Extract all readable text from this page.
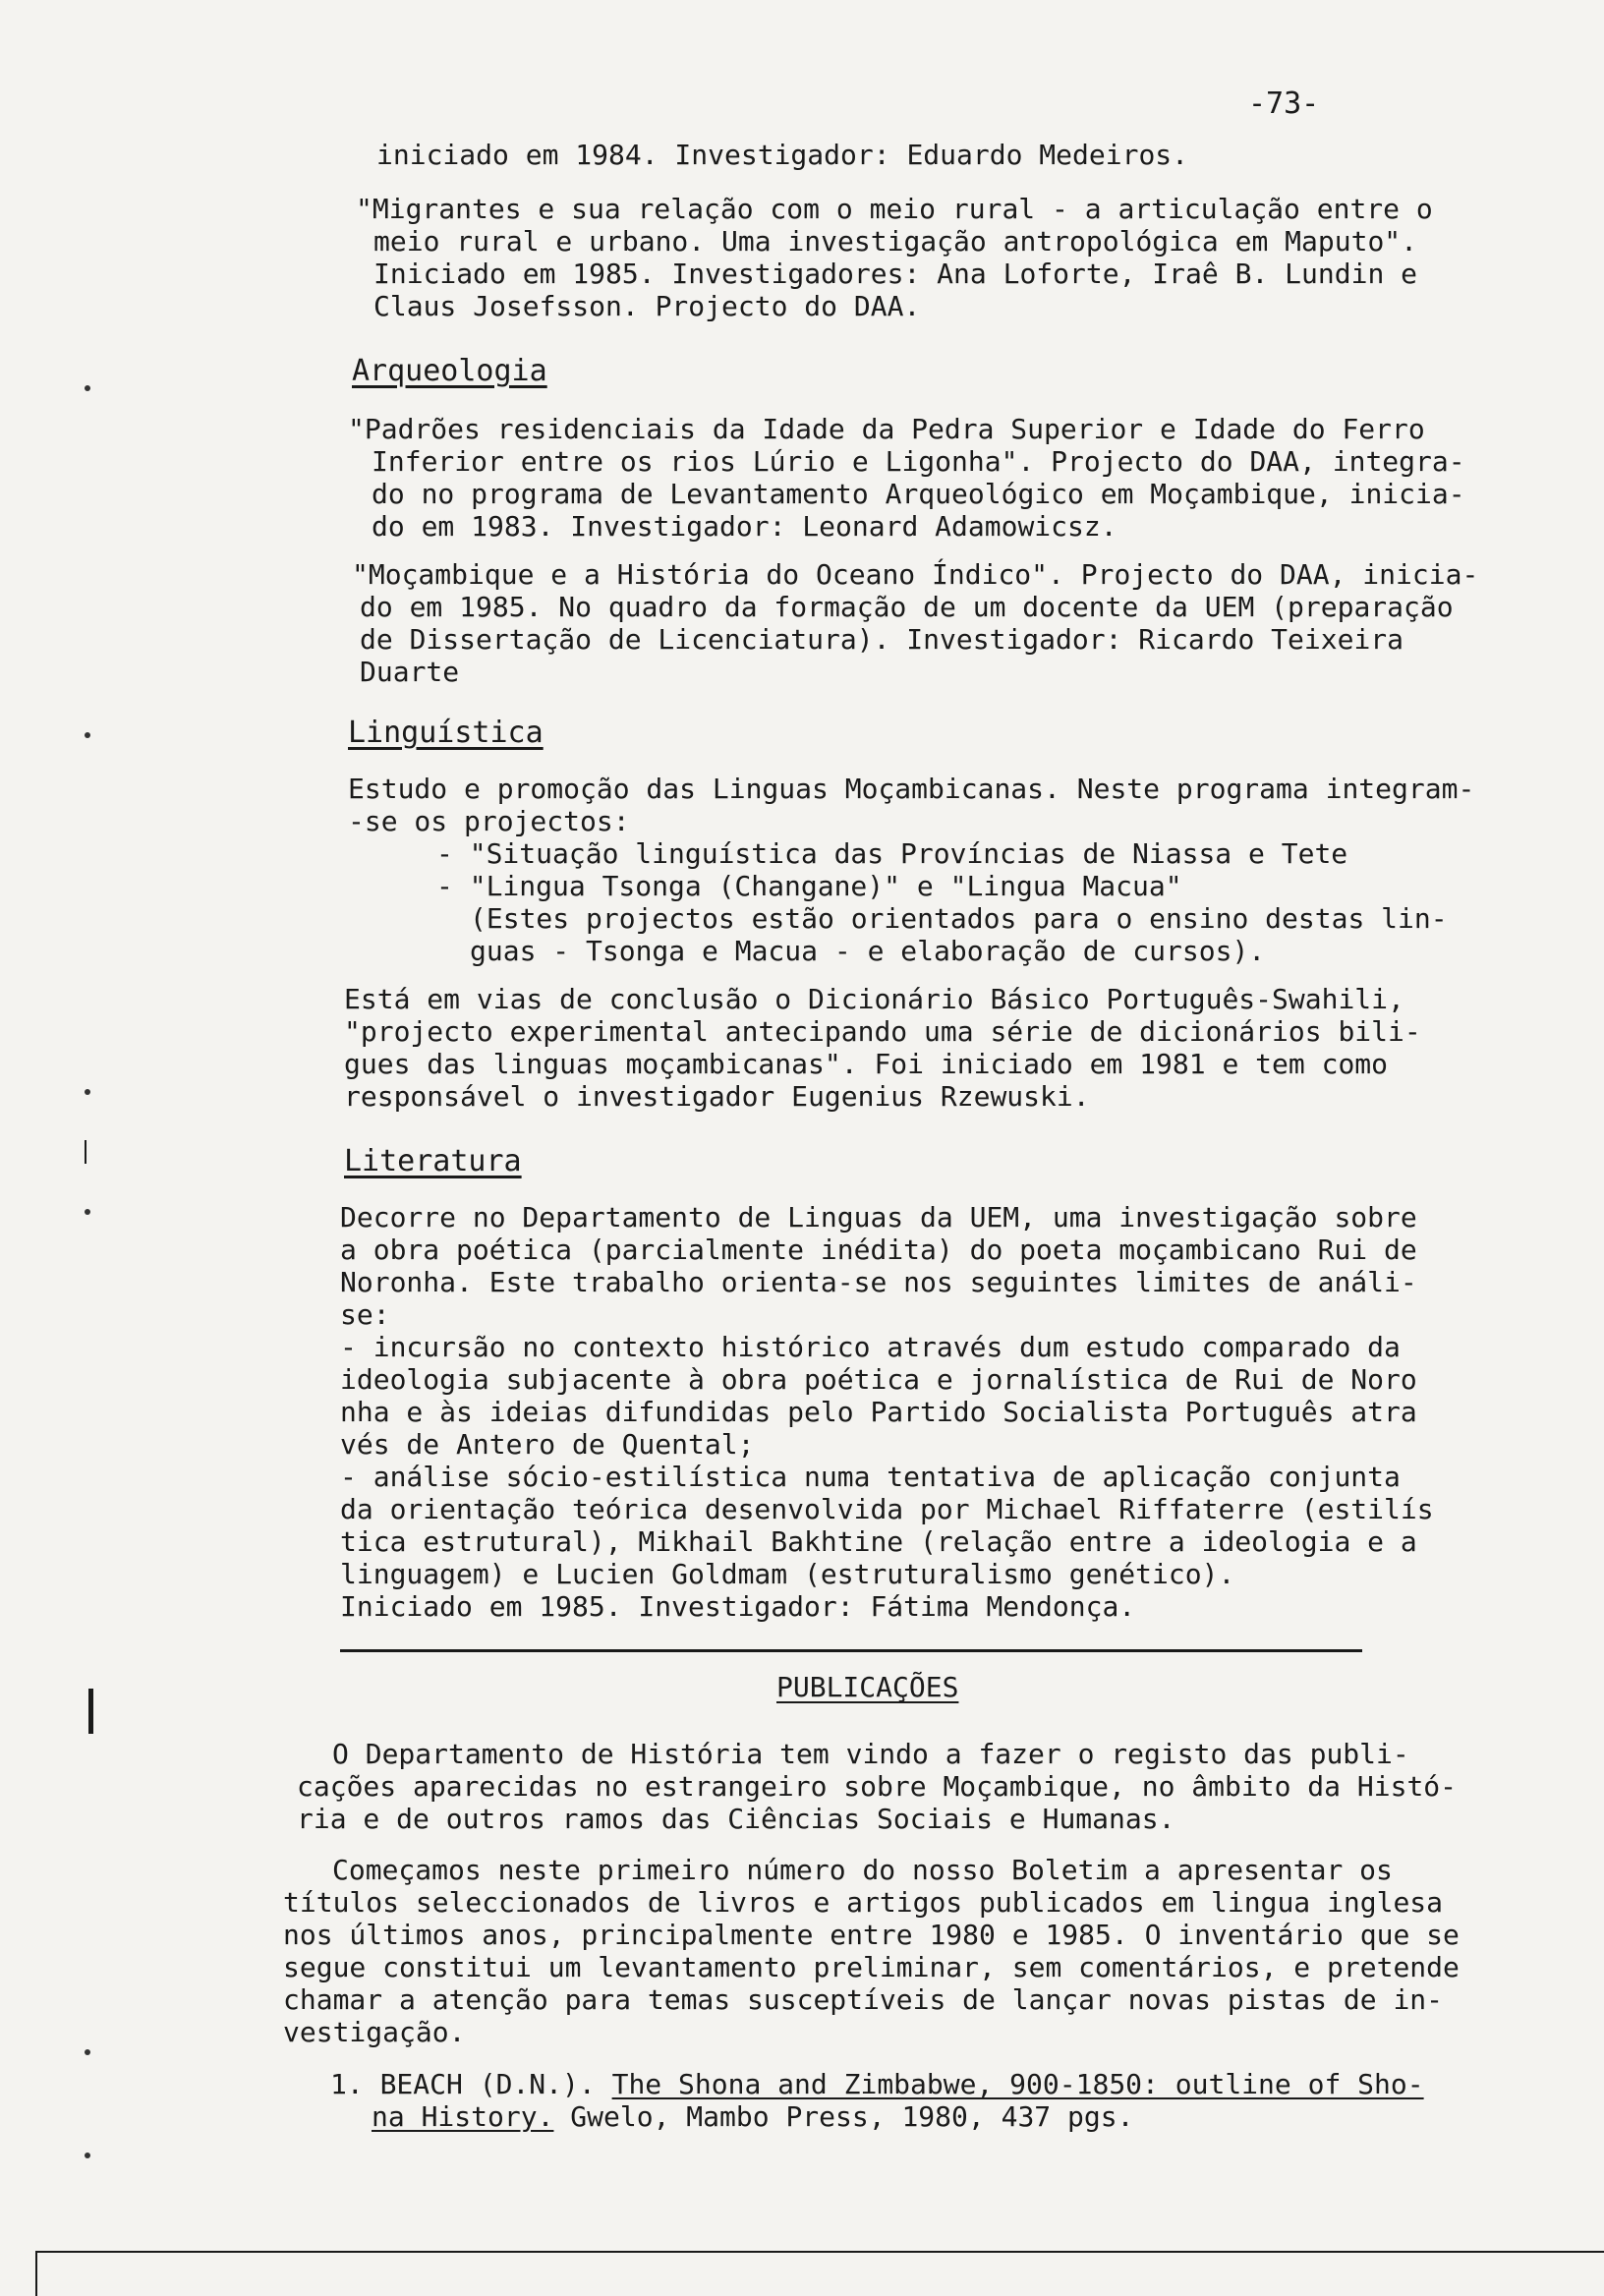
-73-
iniciado em 1984. Investigador: Eduardo Medeiros.
"Migrantes e sua relação com o meio rural - a articulação entre o
meio rural e urbano. Uma investigação antropológica em Maputo".
Iniciado em 1985. Investigadores: Ana Loforte, Iraê B. Lundin e
Claus Josefsson. Projecto do DAA.
Arqueologia
"Padrões residenciais da Idade da Pedra Superior e Idade do Ferro
Inferior entre os rios Lúrio e Ligonha". Projecto do DAA, integra-
do no programa de Levantamento Arqueológico em Moçambique, inicia-
do em 1983. Investigador: Leonard Adamowicsz.
"Moçambique e a História do Oceano Índico". Projecto do DAA, inicia-
do em 1985. No quadro da formação de um docente da UEM (preparação
de Dissertação de Licenciatura). Investigador: Ricardo Teixeira
Duarte
Linguística
Estudo e promoção das Linguas Moçambicanas. Neste programa integram-
-se os projectos:
- "Situação linguística das Províncias de Niassa e Tete
- "Lingua Tsonga (Changane)" e "Lingua Macua"
(Estes projectos estão orientados para o ensino destas lin-
guas - Tsonga e Macua - e elaboração de cursos).
Está em vias de conclusão o Dicionário Básico Português-Swahili,
"projecto experimental antecipando uma série de dicionários bili-
gues das linguas moçambicanas". Foi iniciado em 1981 e tem como
responsável o investigador Eugenius Rzewuski.
Literatura
Decorre no Departamento de Linguas da UEM, uma investigação sobre
a obra poética (parcialmente inédita) do poeta moçambicano Rui de
Noronha. Este trabalho orienta-se nos seguintes limites de análi-
se:
- incursão no contexto histórico através dum estudo comparado da
ideologia subjacente à obra poética e jornalística de Rui de Noro
nha e às ideias difundidas pelo Partido Socialista Português atra
vés de Antero de Quental;
- análise sócio-estilística numa tentativa de aplicação conjunta
da orientação teórica desenvolvida por Michael Riffaterre (estilís
tica estrutural), Mikhail Bakhtine (relação entre a ideologia e a
linguagem) e Lucien Goldmam (estruturalismo genético).
Iniciado em 1985. Investigador: Fátima Mendonça.
PUBLICAÇÕES
O Departamento de História tem vindo a fazer o registo das publi-
cações aparecidas no estrangeiro sobre Moçambique, no âmbito da Histó-
ria e de outros ramos das Ciências Sociais e Humanas.
Começamos neste primeiro número do nosso Boletim a apresentar os
títulos seleccionados de livros e artigos publicados em lingua inglesa
nos últimos anos, principalmente entre 1980 e 1985. O inventário que se
segue constitui um levantamento preliminar, sem comentários, e pretende
chamar a atenção para temas susceptíveis de lançar novas pistas de in-
vestigação.
1. BEACH (D.N.). The Shona and Zimbabwe, 900-1850: outline of Sho-
na History. Gwelo, Mambo Press, 1980, 437 pgs.
